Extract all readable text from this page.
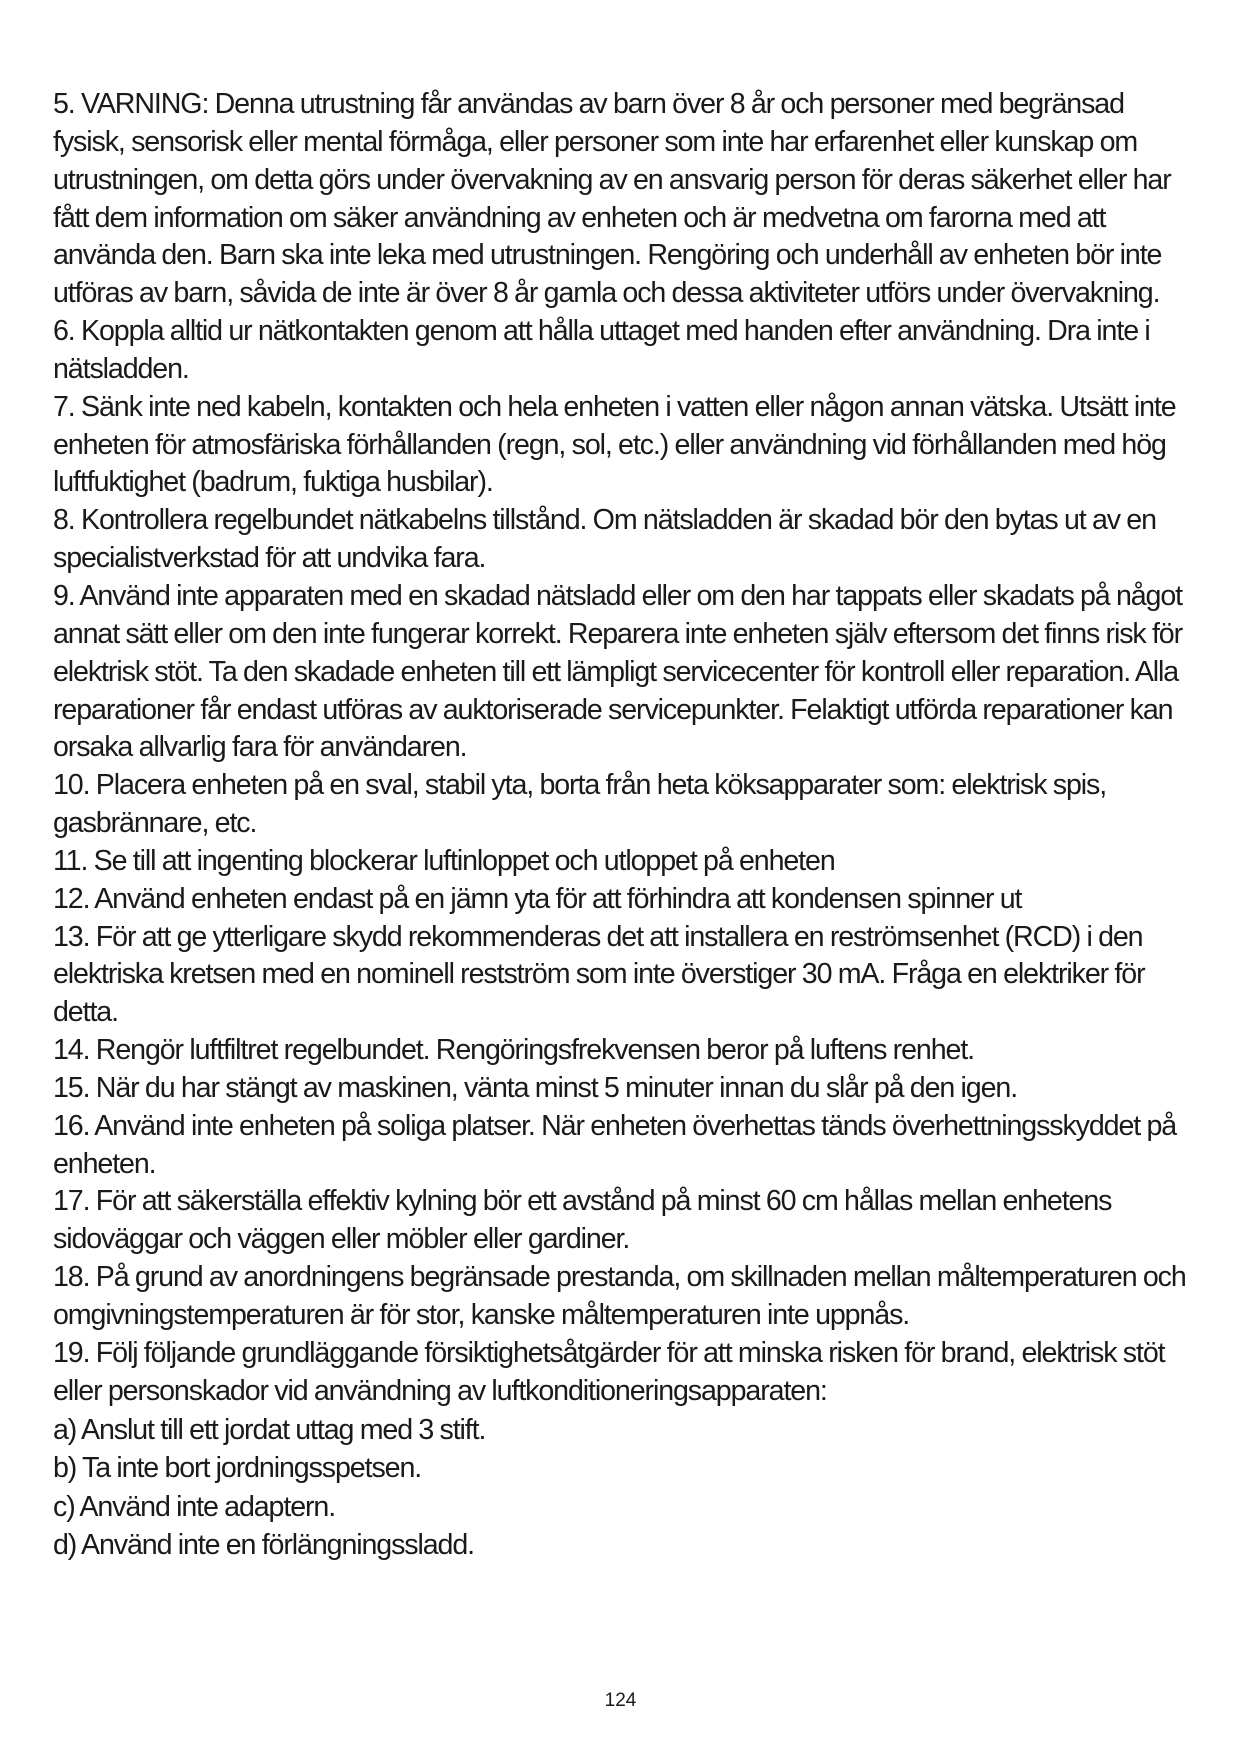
5. VARNING: Denna utrustning får användas av barn över 8 år och personer med begränsad fysisk, sensorisk eller mental förmåga, eller personer som inte har erfarenhet eller kunskap om utrustningen, om detta görs under övervakning av en ansvarig person för deras säkerhet eller har fått dem information om säker användning av enheten och är medvetna om farorna med att använda den. Barn ska inte leka med utrustningen. Rengöring och underhåll av enheten bör inte utföras av barn, såvida de inte är över 8 år gamla och dessa aktiviteter utförs under övervakning.

6. Koppla alltid ur nätkontakten genom att hålla uttaget med handen efter användning. Dra inte i nätsladden.

7. Sänk inte ned kabeln, kontakten och hela enheten i vatten eller någon annan vätska. Utsätt inte enheten för atmosfäriska förhållanden (regn, sol, etc.) eller användning vid förhållanden med hög luftfuktighet (badrum, fuktiga husbilar).

8. Kontrollera regelbundet nätkabelns tillstånd. Om nätsladden är skadad bör den bytas ut av en specialistverkstad för att undvika fara.

9. Använd inte apparaten med en skadad nätsladd eller om den har tappats eller skadats på något annat sätt eller om den inte fungerar korrekt. Reparera inte enheten själv eftersom det finns risk för elektrisk stöt. Ta den skadade enheten till ett lämpligt servicecenter för kontroll eller reparation. Alla reparationer får endast utföras av auktoriserade servicepunkter. Felaktigt utförda reparationer kan orsaka allvarlig fara för användaren.

10. Placera enheten på en sval, stabil yta, borta från heta köksapparater som: elektrisk spis, gasbrännare, etc.

11. Se till att ingenting blockerar luftinloppet och utloppet på enheten

12. Använd enheten endast på en jämn yta för att förhindra att kondensen spinner ut

13. För att ge ytterligare skydd rekommenderas det att installera en reströmsenhet (RCD) i den elektriska kretsen med en nominell restström som inte överstiger 30 mA. Fråga en elektriker för detta.

14. Rengör luftfiltret regelbundet. Rengöringsfrekvensen beror på luftens renhet.

15. När du har stängt av maskinen, vänta minst 5 minuter innan du slår på den igen.

16. Använd inte enheten på soliga platser. När enheten överhettas tänds överhettningsskyddet på enheten.

17. För att säkerställa effektiv kylning bör ett avstånd på minst 60 cm hållas mellan enhetens sidoväggar och väggen eller möbler eller gardiner.

18. På grund av anordningens begränsade prestanda, om skillnaden mellan måltemperaturen och omgivningstemperaturen är för stor, kanske måltemperaturen inte uppnås.

19. Följ följande grundläggande försiktighetsåtgärder för att minska risken för brand, elektrisk stöt eller personskador vid användning av luftkonditioneringsapparaten:

a) Anslut till ett jordat uttag med 3 stift.

b) Ta inte bort jordningsspetsen.

c) Använd inte adaptern.

d) Använd inte en förlängningssladd.

124
